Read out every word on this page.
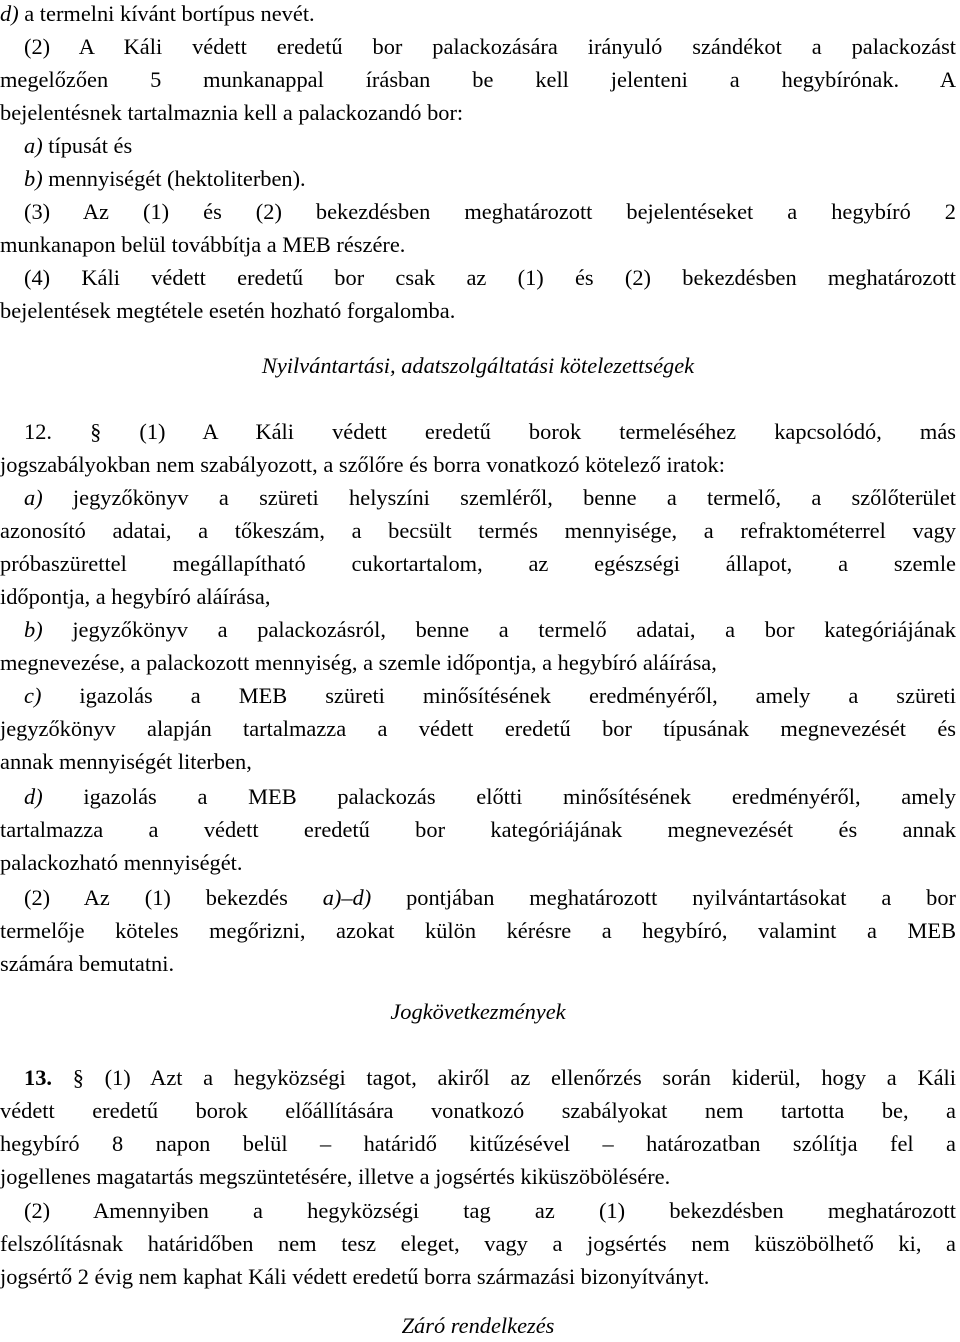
d) a termelni kívánt bortípus nevét.
(2) A Káli védett eredetű bor palackozására irányuló szándékot a palackozást
megelőzően 5 munkanappal írásban be kell jelenteni a hegybírónak. A
bejelentésnek tartalmaznia kell a palackozandó bor:
a) típusát és
b) mennyiségét (hektoliterben).
(3) Az (1) és (2) bekezdésben meghatározott bejelentéseket a hegybíró 2
munkanapon belül továbbítja a MEB részére.
(4) Káli védett eredetű bor csak az (1) és (2) bekezdésben meghatározott
bejelentések megtétele esetén hozható forgalomba.
Nyilvántartási, adatszolgáltatási kötelezettségek
12. § (1) A Káli védett eredetű borok termeléséhez kapcsolódó, más
jogszabályokban nem szabályozott, a szőlőre és borra vonatkozó kötelező iratok:
a) jegyzőkönyv a szüreti helyszíni szemléről, benne a termelő, a szőlőterület
azonosító adatai, a tőkeszám, a becsült termés mennyisége, a refraktométerrel vagy
próbaszürettel megállapítható cukortartalom, az egészségi állapot, a szemle
időpontja, a hegybíró aláírása,
b) jegyzőkönyv a palackozásról, benne a termelő adatai, a bor kategóriájának
megnevezése, a palackozott mennyiség, a szemle időpontja, a hegybíró aláírása,
c) igazolás a MEB szüreti minősítésének eredményéről, amely a szüreti
jegyzőkönyv alapján tartalmazza a védett eredetű bor típusának megnevezését és
annak mennyiségét literben,
d) igazolás a MEB palackozás előtti minősítésének eredményéről, amely
tartalmazza a védett eredetű bor kategóriájának megnevezését és annak
palackozható mennyiségét.
(2) Az (1) bekezdés a)–d) pontjában meghatározott nyilvántartásokat a bor
termelője köteles megőrizni, azokat külön kérésre a hegybíró, valamint a MEB
számára bemutatni.
Jogkövetkezmények
13. § (1) Azt a hegyközségi tagot, akiről az ellenőrzés során kiderül, hogy a Káli
védett eredetű borok előállítására vonatkozó szabályokat nem tartotta be, a
hegybíró 8 napon belül – határidő kitűzésével – határozatban szólítja fel a
jogellenes magatartás megszüntetésére, illetve a jogsértés kiküszöbölésére.
(2) Amennyiben a hegyközségi tag az (1) bekezdésben meghatározott
felszólításnak határidőben nem tesz eleget, vagy a jogsértés nem küszöbölhető ki, a
jogsértő 2 évig nem kaphat Káli védett eredetű borra származási bizonyítványt.
Záró rendelkezés
